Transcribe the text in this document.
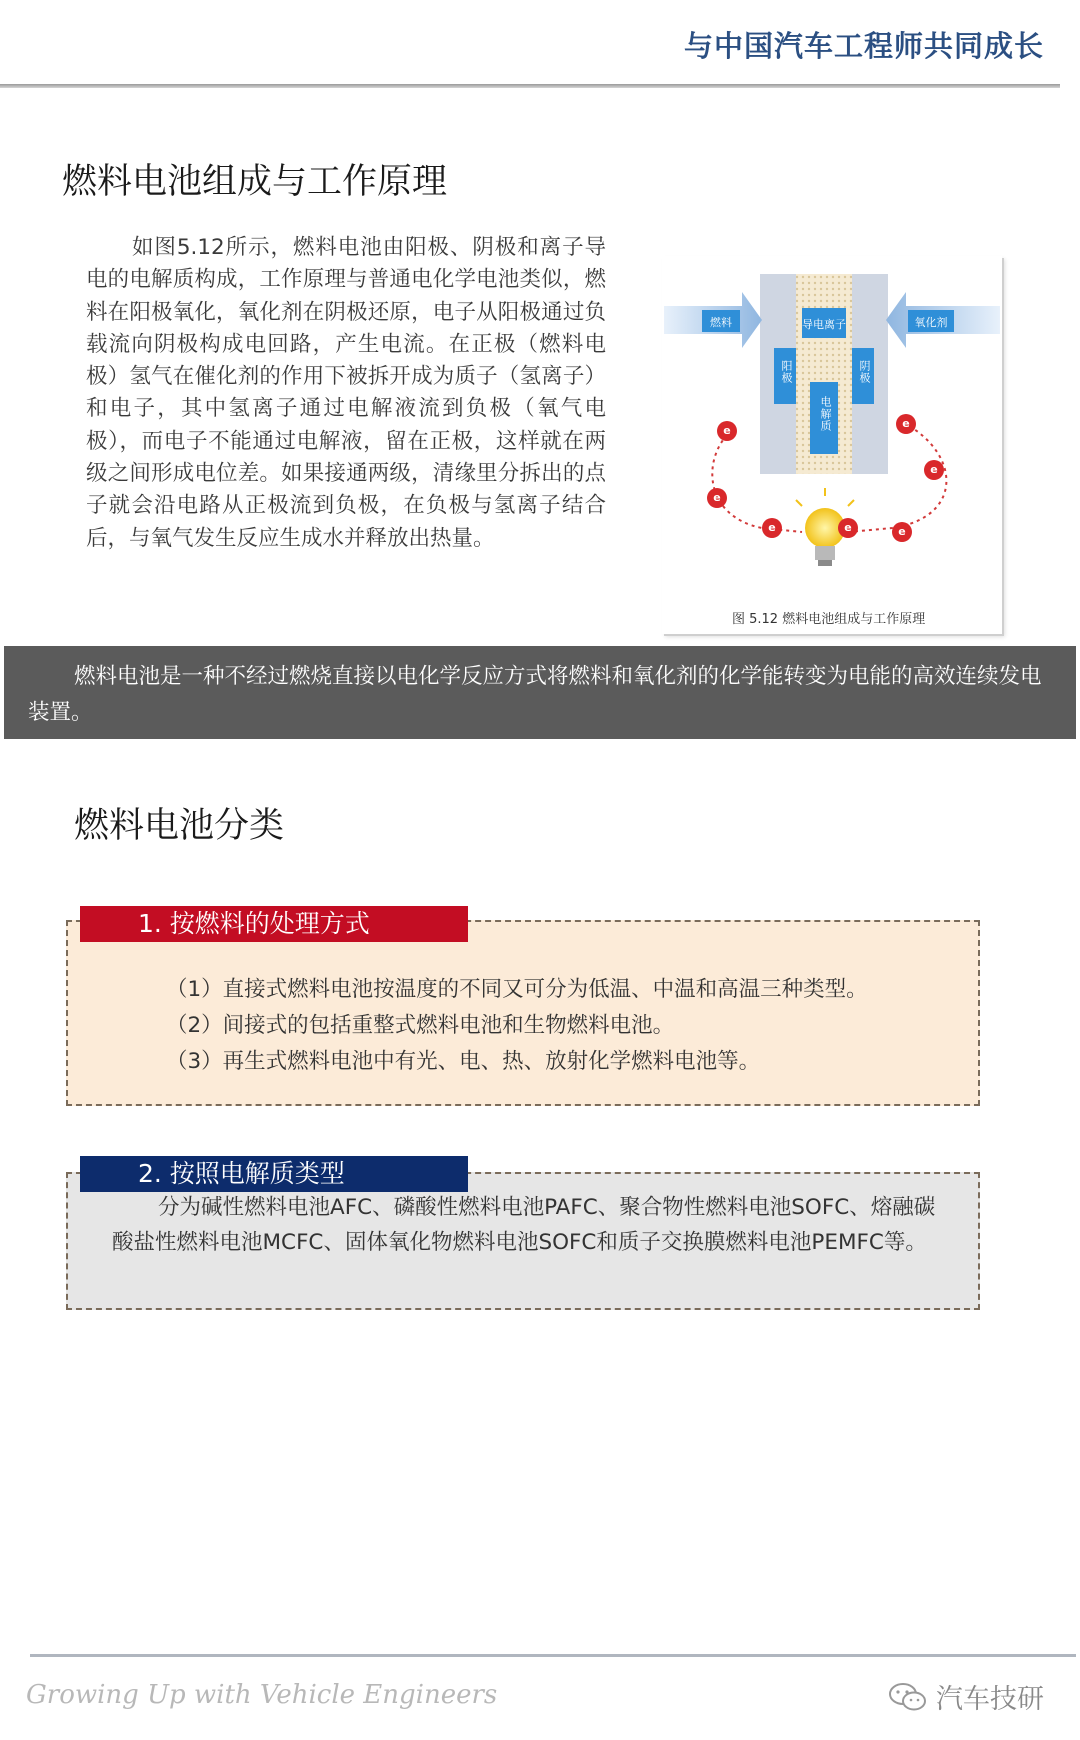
与中国汽车工程师共同成长
燃料电池组成与工作原理
如图5.12所示，燃料电池由阳极、阴极和离子导电的电解质构成，工作原理与普通电化学电池类似，燃料在阳极氧化，氧化剂在阴极还原，电子从阳极通过负载流向阴极构成电回路，产生电流。在正极（燃料电极）氢气在催化剂的作用下被拆开成为质子（氢离子）和电子，其中氢离子通过电解液流到负极（氧气电极），而电子不能通过电解液，留在正极，这样就在两级之间形成电位差。如果接通两级，清缘里分拆出的点子就会沿电路从正极流到负极，在负极与氢离子结合后，与氧气发生反应生成水并释放出热量。
e
e
e	e	e
e
e
燃料	氧化剂
导电离子
阳极	阴极
电解质
图 5.12 燃料电池组成与工作原理
燃料电池是一种不经过燃烧直接以电化学反应方式将燃料和氧化剂的化学能转变为电能的高效连续发电装置。
燃料电池分类
（1）直接式燃料电池按温度的不同又可分为低温、中温和高温三种类型。
（2）间接式的包括重整式燃料电池和生物燃料电池。
（3）再生式燃料电池中有光、电、热、放射化学燃料电池等。
1. 按燃料的处理方式
分为碱性燃料电池AFC、磷酸性燃料电池PAFC、聚合物性燃料电池SOFC、熔融碳酸盐性燃料电池MCFC、固体氧化物燃料电池SOFC和质子交换膜燃料电池PEMFC等。
2. 按照电解质类型
Growing Up with Vehicle Engineers	汽车技研
